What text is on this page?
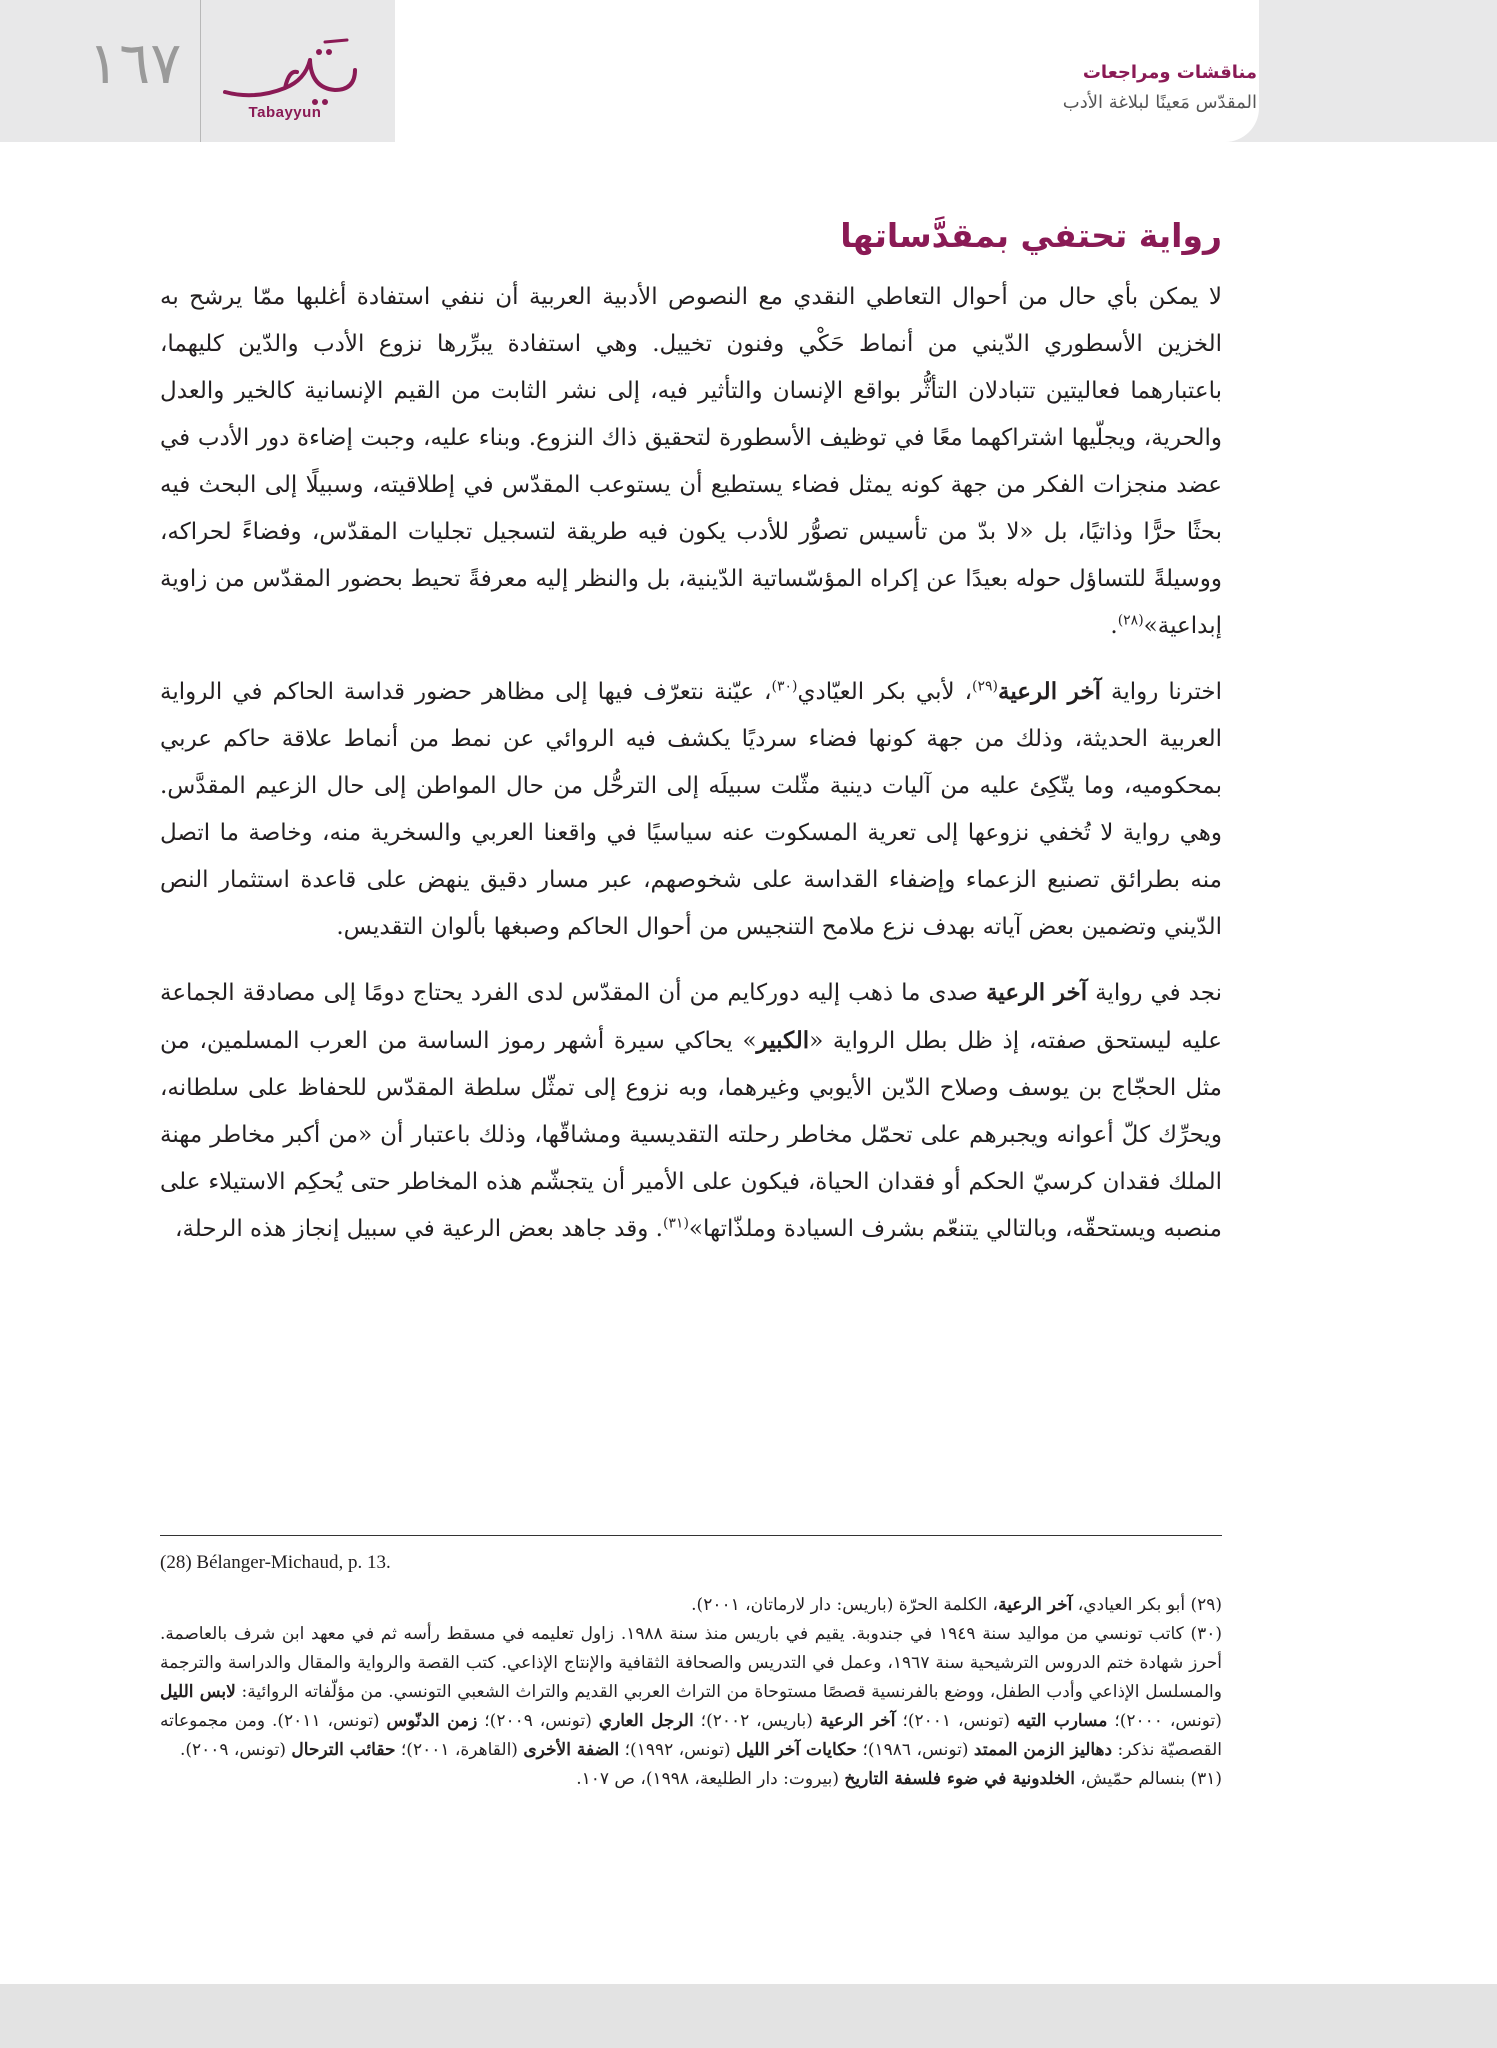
١٦٧
Tabayyun
مناقشات ومراجعات
المقدّس مَعينًا لبلاغة الأدب
رواية تحتفي بمقدَّساتها

لا يمكن بأي حال من أحوال التعاطي النقدي مع النصوص الأدبية العربية أن ننفي استفادة أغلبها ممّا يرشح به الخزين الأسطوري الدّيني من أنماط حَكْي وفنون تخييل. وهي استفادة يبرِّرها نزوع الأدب والدّين كليهما، باعتبارهما فعاليتين تتبادلان التأثُّر بواقع الإنسان والتأثير فيه، إلى نشر الثابت من القيم الإنسانية كالخير والعدل والحرية، ويجلّيها اشتراكهما معًا في توظيف الأسطورة لتحقيق ذاك النزوع. وبناء عليه، وجبت إضاءة دور الأدب في عضد منجزات الفكر من جهة كونه يمثل فضاء يستطيع أن يستوعب المقدّس في إطلاقيته، وسبيلًا إلى البحث فيه بحثًا حرًّا وذاتيًا، بل «لا بدّ من تأسيس تصوُّر للأدب يكون فيه طريقة لتسجيل تجليات المقدّس، وفضاءً لحراكه، ووسيلةً للتساؤل حوله بعيدًا عن إكراه المؤسّساتية الدّينية، بل والنظر إليه معرفةً تحيط بحضور المقدّس من زاوية إبداعية»$^{(٢٨)}$.

اخترنا رواية آخر الرعية$^{(٢٩)}$، لأبي بكر العيّادي$^{(٣٠)}$، عيّنة نتعرّف فيها إلى مظاهر حضور قداسة الحاكم في الرواية العربية الحديثة، وذلك من جهة كونها فضاء سرديًا يكشف فيه الروائي عن نمط من أنماط علاقة حاكم عربي بمحكوميه، وما يتّكِئ عليه من آليات دينية مثّلت سبيلَه إلى الترحُّل من حال المواطن إلى حال الزعيم المقدَّس. وهي رواية لا تُخفي نزوعها إلى تعرية المسكوت عنه سياسيًا في واقعنا العربي والسخرية منه، وخاصة ما اتصل منه بطرائق تصنيع الزعماء وإضفاء القداسة على شخوصهم، عبر مسار دقيق ينهض على قاعدة استثمار النص الدّيني وتضمين بعض آياته بهدف نزع ملامح التنجيس من أحوال الحاكم وصبغها بألوان التقديس.

نجد في رواية آخر الرعية صدى ما ذهب إليه دوركايم من أن المقدّس لدى الفرد يحتاج دومًا إلى مصادقة الجماعة عليه ليستحق صفته، إذ ظل بطل الرواية «الكبير» يحاكي سيرة أشهر رموز الساسة من العرب المسلمين، من مثل الحجّاج بن يوسف وصلاح الدّين الأيوبي وغيرهما، وبه نزوع إلى تمثّل سلطة المقدّس للحفاظ على سلطانه، ويحرِّك كلّ أعوانه ويجبرهم على تحمّل مخاطر رحلته التقديسية ومشاقّها، وذلك باعتبار أن «من أكبر مخاطر مهنة الملك فقدان كرسيّ الحكم أو فقدان الحياة، فيكون على الأمير أن يتجشّم هذه المخاطر حتى يُحكِم الاستيلاء على منصبه ويستحقّه، وبالتالي يتنعّم بشرف السيادة وملذّاتها»$^{(٣١)}$. وقد جاهد بعض الرعية في سبيل إنجاز هذه الرحلة،

(28) Bélanger-Michaud, p. 13.

(٢٩) أبو بكر العيادي، آخر الرعية، الكلمة الحرّة (باريس: دار لارماتان، ٢٠٠١).

(٣٠) كاتب تونسي من مواليد سنة ١٩٤٩ في جندوبة. يقيم في باريس منذ سنة ١٩٨٨. زاول تعليمه في مسقط رأسه ثم في معهد ابن شرف بالعاصمة. أحرز شهادة ختم الدروس الترشيحية سنة ١٩٦٧، وعمل في التدريس والصحافة الثقافية والإنتاج الإذاعي. كتب القصة والرواية والمقال والدراسة والترجمة والمسلسل الإذاعي وأدب الطفل، ووضع بالفرنسية قصصًا مستوحاة من التراث العربي القديم والتراث الشعبي التونسي. من مؤلّفاته الروائية: لابس الليل (تونس، ٢٠٠٠)؛ مسارب التيه (تونس، ٢٠٠١)؛ آخر الرعية (باريس، ٢٠٠٢)؛ الرجل العاري (تونس، ٢٠٠٩)؛ زمن الدنّوس (تونس، ٢٠١١). ومن مجموعاته القصصيّة نذكر: دهاليز الزمن الممتد (تونس، ١٩٨٦)؛ حكايات آخر الليل (تونس، ١٩٩٢)؛ الضفة الأخرى (القاهرة، ٢٠٠١)؛ حقائب الترحال (تونس، ٢٠٠٩).

(٣١) بنسالم حمّيش، الخلدونية في ضوء فلسفة التاريخ (بيروت: دار الطليعة، ١٩٩٨)، ص ١٠٧.
